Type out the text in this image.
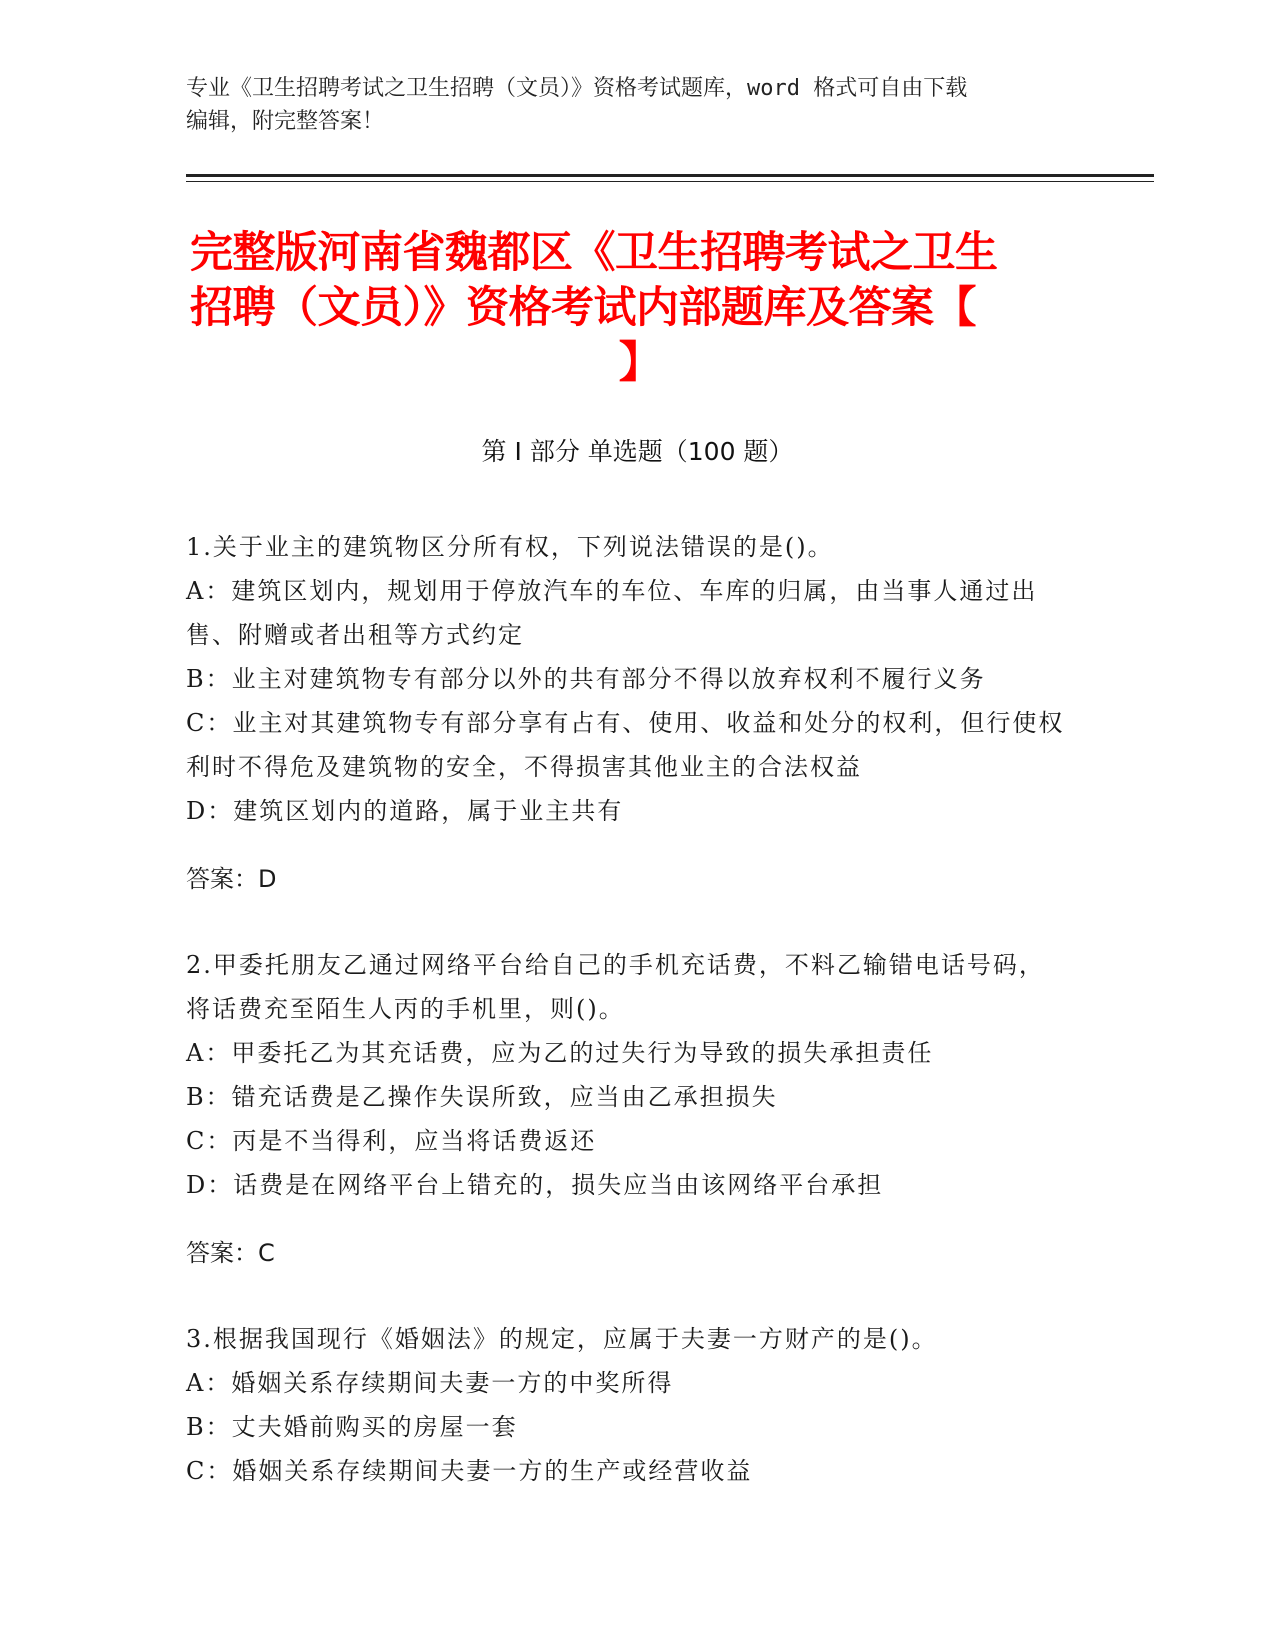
专业《卫生招聘考试之卫生招聘（文员）》资格考试题库，word 格式可自由下载
编辑，附完整答案！
完整版河南省魏都区《卫生招聘考试之卫生
招聘（文员）》资格考试内部题库及答案【
】
第 I 部分 单选题（100 题）

1.关于业主的建筑物区分所有权，下列说法错误的是()。

A：建筑区划内，规划用于停放汽车的车位、车库的归属，由当事人通过出售、附赠或者出租等方式约定

B：业主对建筑物专有部分以外的共有部分不得以放弃权利不履行义务

C：业主对其建筑物专有部分享有占有、使用、收益和处分的权利，但行使权利时不得危及建筑物的安全，不得损害其他业主的合法权益

D：建筑区划内的道路，属于业主共有

答案：D

2.甲委托朋友乙通过网络平台给自己的手机充话费，不料乙输错电话号码，将话费充至陌生人丙的手机里，则()。

A：甲委托乙为其充话费，应为乙的过失行为导致的损失承担责任

B：错充话费是乙操作失误所致，应当由乙承担损失

C：丙是不当得利，应当将话费返还

D：话费是在网络平台上错充的，损失应当由该网络平台承担

答案：C

3.根据我国现行《婚姻法》的规定，应属于夫妻一方财产的是()。

A：婚姻关系存续期间夫妻一方的中奖所得

B：丈夫婚前购买的房屋一套

C：婚姻关系存续期间夫妻一方的生产或经营收益
